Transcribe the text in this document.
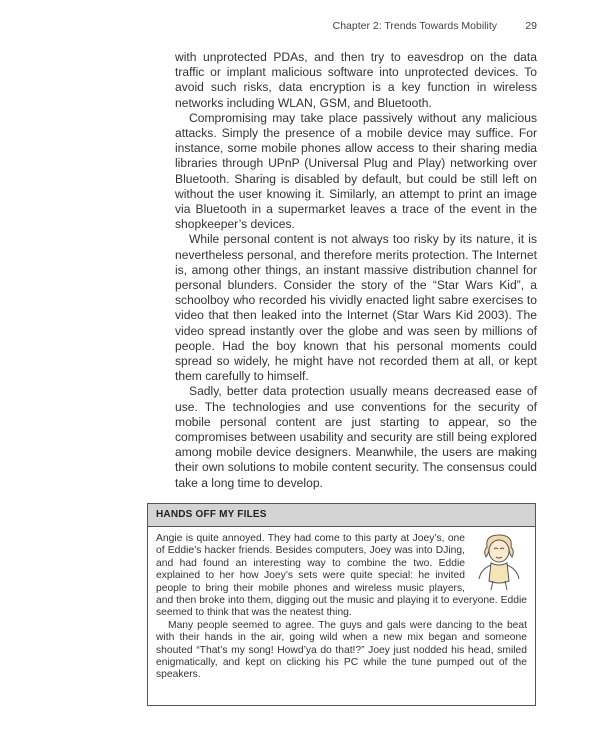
Chapter 2: Trends Towards Mobility	29

with unprotected PDAs, and then try to eavesdrop on the data traffic or implant malicious software into unprotected devices. To avoid such risks, data encryption is a key function in wireless networks including WLAN, GSM, and Bluetooth.

Compromising may take place passively without any malicious attacks. Simply the presence of a mobile device may suffice. For instance, some mobile phones allow access to their sharing media libraries through UPnP (Universal Plug and Play) networking over Bluetooth. Sharing is disabled by default, but could be still left on without the user knowing it. Similarly, an attempt to print an image via Bluetooth in a supermarket leaves a trace of the event in the shopkeeper’s devices.

While personal content is not always too risky by its nature, it is nevertheless personal, and therefore merits protection. The Internet is, among other things, an instant massive distribution channel for personal blunders. Consider the story of the “Star Wars Kid”, a schoolboy who recorded his vividly enacted light sabre exercises to video that then leaked into the Internet (Star Wars Kid 2003). The video spread instantly over the globe and was seen by millions of people. Had the boy known that his personal moments could spread so widely, he might have not recorded them at all, or kept them carefully to himself.

Sadly, better data protection usually means decreased ease of use. The technologies and use conventions for the security of mobile personal content are just starting to appear, so the compromises between usability and security are still being explored among mobile device designers. Meanwhile, the users are making their own solutions to mobile content security. The consensus could take a long time to develop.

HANDS OFF MY FILES

Angie is quite annoyed. They had come to this party at Joey’s, one of Eddie’s hacker friends. Besides computers, Joey was into DJing, and had found an interesting way to combine the two. Eddie explained to her how Joey’s sets were quite special: he invited people to bring their mobile phones and wireless music players, and then broke into them, digging out the music and playing it to everyone. Eddie seemed to think that was the neatest thing.

Many people seemed to agree. The guys and gals were dancing to the beat with their hands in the air, going wild when a new mix began and someone shouted “That’s my song! Howd’ya do that!?” Joey just nodded his head, smiled enigmatically, and kept on clicking his PC while the tune pumped out of the speakers.
